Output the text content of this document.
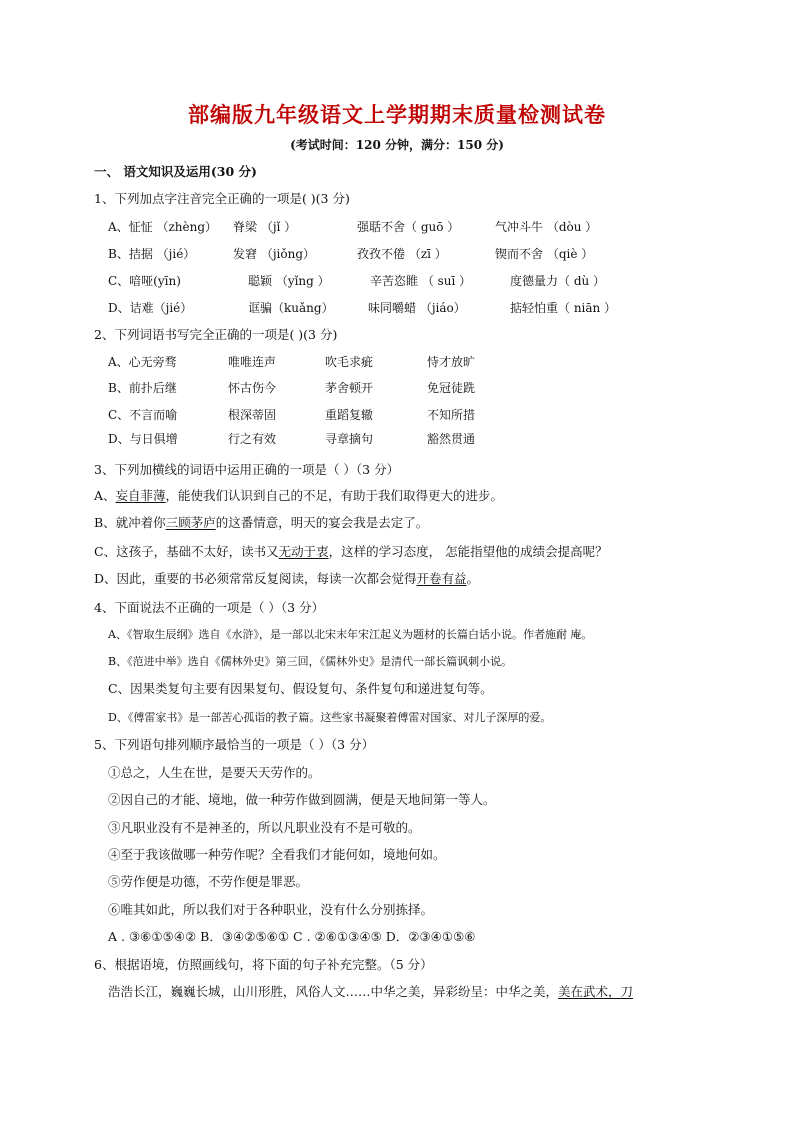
部编版九年级语文上学期期末质量检测试卷
(考试时间：120 分钟，满分：150 分)
一、 语文知识及运用(30 分)
1、下列加点字注音完全正确的一项是( )(3 分)
A、怔怔 （zhèng） 脊梁 （jǐ ）	强聒不舍（ guō ）	气冲斗牛 （dòu ）
B、拮据 （jié）	发窘 （jiǒng）	孜孜不倦 （zī ）	锲而不舍 （qiè ）
C、喑哑(yīn)	聪颖 （yǐng ）	辛苦恣睢 （ suī ）	度德量力（ dù ）
D、诘难（jié）	诓骗（kuǎng）	味同嚼蜡 （jiáo）	掂轻怕重（ niān ）
2、下列词语书写完全正确的一项是( )(3 分)
A、心无旁骛	唯唯连声	吹毛求疵	恃才放旷
B、前扑后继	怀古伤今	茅舍顿开	免冠徒跣
C、不言而喻	根深蒂固	重蹈复辙	不知所措
D、与日俱增	行之有效	寻章摘句	豁然贯通
3、下列加横线的词语中运用正确的一项是（ ）（3 分）
A、妄自菲薄，能使我们认识到自己的不足，有助于我们取得更大的进步。
B、就冲着你三顾茅庐的这番情意，明天的宴会我是去定了。
C、这孩子，基础不太好，读书又无动于衷，这样的学习态度， 怎能指望他的成绩会提高呢？
D、因此，重要的书必须常常反复阅读，每读一次都会觉得开卷有益。
4、下面说法不正确的一项是（ ）（3 分）
A、《智取生辰纲》选自《水浒》，是一部以北宋末年宋江起义为题材的长篇白话小说。作者施耐 庵。
B、《范进中举》选自《儒林外史》第三回，《儒林外史》是清代一部长篇讽刺小说。
C、因果类复句主要有因果复句、假设复句、条件复句和递进复句等。
D、《傅雷家书》是一部苦心孤诣的教子篇。这些家书凝聚着傅雷对国家、对儿子深厚的爱。
5、下列语句排列顺序最恰当的一项是（ ）（3 分）
①总之，人生在世，是要天天劳作的。
②因自己的才能、境地，做一种劳作做到圆满，便是天地间第一等人。
③凡职业没有不是神圣的，所以凡职业没有不是可敬的。
④至于我该做哪一种劳作呢？全看我们才能何如，境地何如。
⑤劳作便是功德，不劳作便是罪恶。
⑥唯其如此，所以我们对于各种职业，没有什么分别拣择。
A . ③⑥①⑤④② B．③④②⑤⑥① C . ②⑥①③④⑤ D．②③④①⑤⑥
6、根据语境，仿照画线句，将下面的句子补充完整。（5 分）
浩浩长江，巍巍长城，山川形胜，风俗人文……中华之美，异彩纷呈：中华之美，美在武术，刀
